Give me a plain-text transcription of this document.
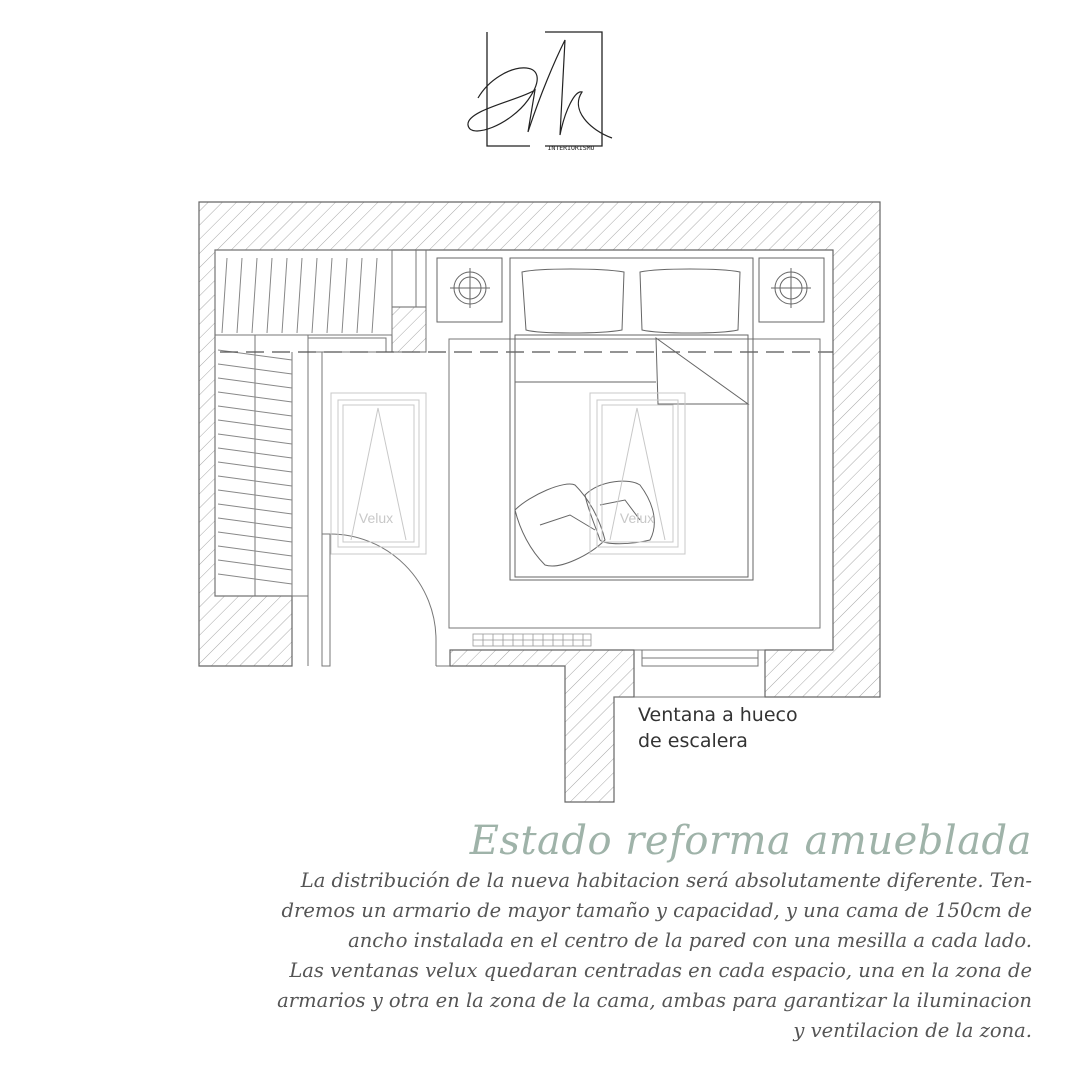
INTERIORISMO
Velux	Velux
Ventana a hueco
de escalera
Estado reforma amueblada
La distribución de la nueva habitacion será absolutamente diferente. Ten-
dremos un armario de mayor tamaño y capacidad, y una cama de 150cm de
ancho instalada en el centro de la pared con una mesilla a cada lado.
Las ventanas velux quedaran centradas en cada espacio, una en la zona de
armarios y otra en la zona de la cama, ambas para garantizar la iluminacion
y ventilacion de la zona.
